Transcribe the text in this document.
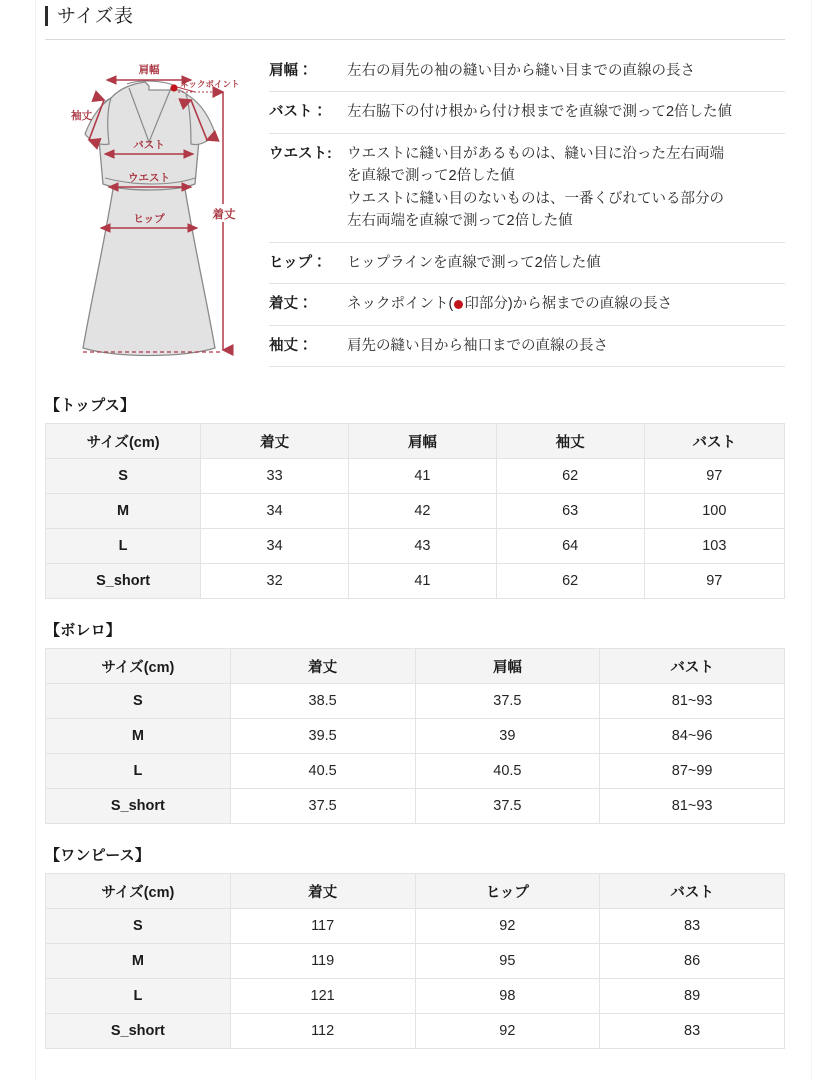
サイズ表
肩幅
ネックポイント
袖丈
バスト
ウエスト
ヒップ	着丈
肩幅：	左右の肩先の袖の縫い目から縫い目までの直線の長さ
バスト：	左右脇下の付け根から付け根までを直線で測って2倍した値
ウエスト:	ウエストに縫い目があるものは、縫い目に沿った左右両端
を直線で測って2倍した値
ウエストに縫い目のないものは、一番くびれている部分の
左右両端を直線で測って2倍した値
ヒップ：	ヒップラインを直線で測って2倍した値
着丈：	ネックポイント( 印部分)から裾までの直線の長さ
袖丈：	肩先の縫い目から袖口までの直線の長さ
【トップス】
サイズ(cm)	着丈	肩幅	袖丈	バスト
S	33	41	62	97
M	34	42	63	100
L	34	43	64	103
S_short	32	41	62	97
【ボレロ】
サイズ(cm)	着丈	肩幅	バスト
S	38.5	37.5	81~93
M	39.5	39	84~96
L	40.5	40.5	87~99
S_short	37.5	37.5	81~93
【ワンピース】
サイズ(cm)	着丈	ヒップ	バスト
S	117	92	83
M	119	95	86
L	121	98	89
S_short	112	92	83
